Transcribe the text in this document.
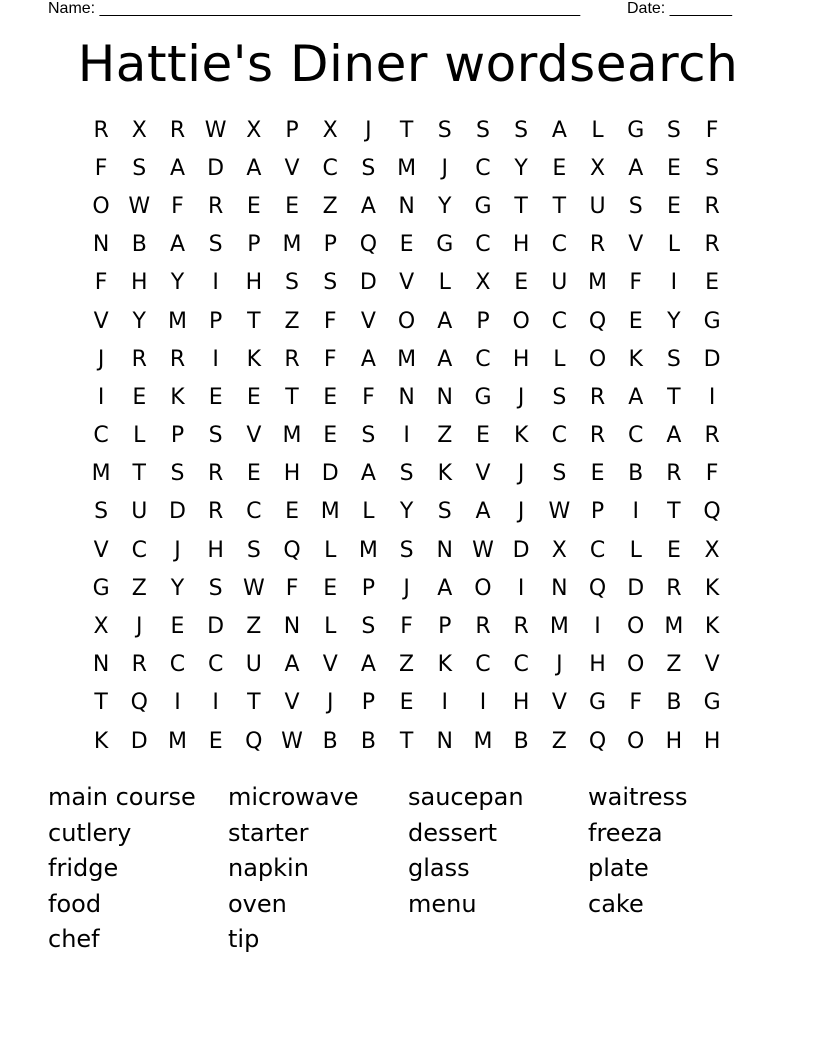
Name: ______________________________________________________	Date: _______
Hattie's Diner wordsearch
R	X	R W X	P	X	J	T	S	S	S	A	L	G	S	F
F	S	A	D	A	V	C	S M	J	C	Y	E	X	A	E	S
O W F	R	E	E	Z	A	N	Y	G	T	T	U	S	E	R
N	B	A	S	P	M	P	Q	E	G C	H	C	R	V	L	R
F	H	Y	I	H	S	S	D	V	L	X	E	U M	F	I	E
V	Y M	P	T	Z	F	V O	A	P	O C Q	E	Y	G
J	R	R	I	K	R	F	A M A	C	H	L	O	K	S	D
I	E	K	E	E	T	E	F	N N G	J	S	R	A	T	I
C	L	P	S	V M E	S	I	Z	E	K	C	R	C	A	R
M T	S	R	E	H D	A	S	K	V	J	S	E	B	R	F
S	U D	R	C	E M	L	Y	S	A	J	W P	I	T	Q
V	C	J	H	S	Q	L	M S	N W D	X	C	L	E	X
G	Z	Y	S W F	E	P	J	A O	I	N Q D	R	K
X	J	E	D	Z	N	L	S	F	P	R	R M	I	O M K
N	R	C	C	U	A	V	A	Z	K	C	C	J	H O Z	V
T	Q	I	I	T	V	J	P	E	I	I	H	V	G	F	B	G
K	D M E	Q W B	B	T	N M B	Z Q O H H
main course	microwave	saucepan	waitress
cutlery	starter	dessert	freeza
fridge	napkin	glass	plate
food	oven	menu	cake
chef	tip
